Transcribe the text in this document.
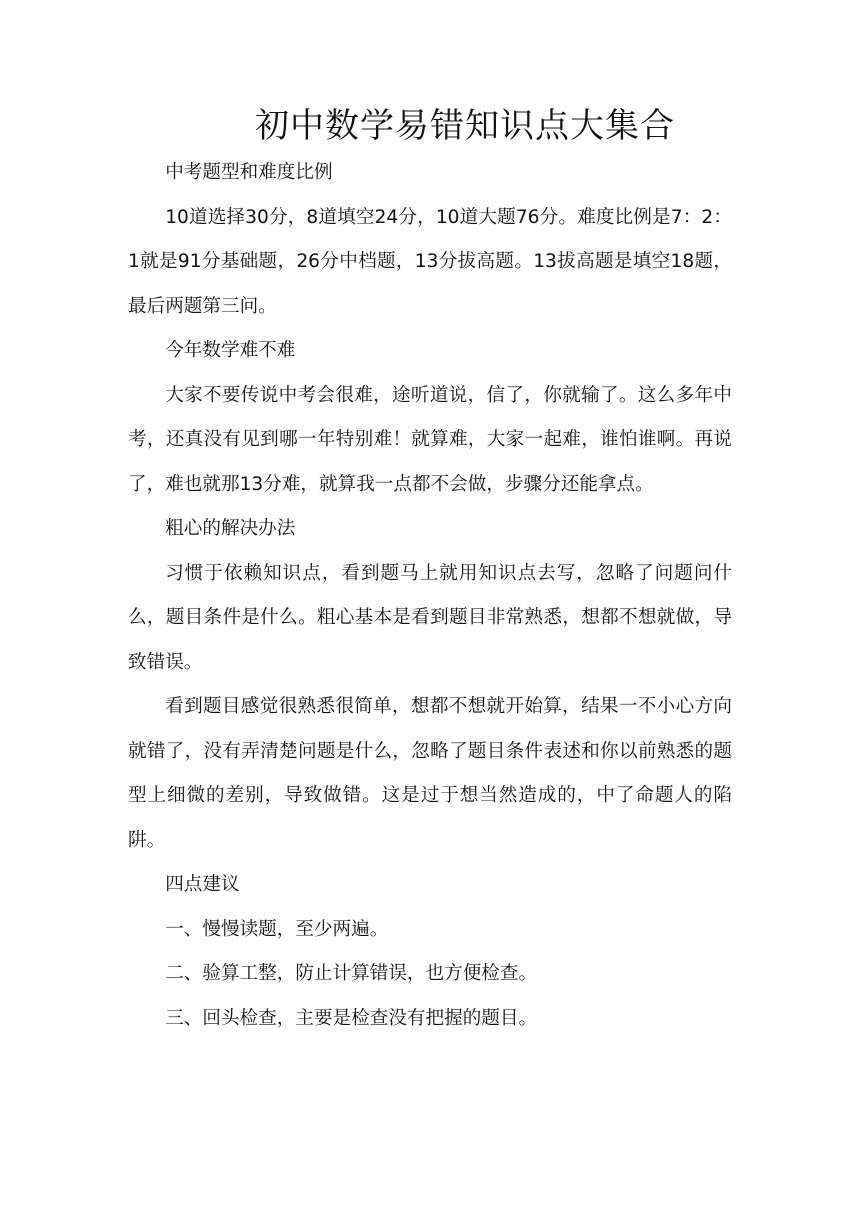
初中数学易错知识点大集合

中考题型和难度比例

10道选择30分，8道填空24分，10道大题76分。难度比例是7：2：1就是91分基础题，26分中档题，13分拔高题。13拔高题是填空18题，最后两题第三问。

今年数学难不难

大家不要传说中考会很难，途听道说，信了，你就输了。这么多年中考，还真没有见到哪一年特别难！就算难，大家一起难，谁怕谁啊。再说了，难也就那13分难，就算我一点都不会做，步骤分还能拿点。

粗心的解决办法

习惯于依赖知识点，看到题马上就用知识点去写，忽略了问题问什么，题目条件是什么。粗心基本是看到题目非常熟悉，想都不想就做，导致错误。

看到题目感觉很熟悉很简单，想都不想就开始算，结果一不小心方向就错了，没有弄清楚问题是什么，忽略了题目条件表述和你以前熟悉的题型上细微的差别，导致做错。这是过于想当然造成的，中了命题人的陷阱。

四点建议

一、慢慢读题，至少两遍。

二、验算工整，防止计算错误，也方便检查。

三、回头检查，主要是检查没有把握的题目。
